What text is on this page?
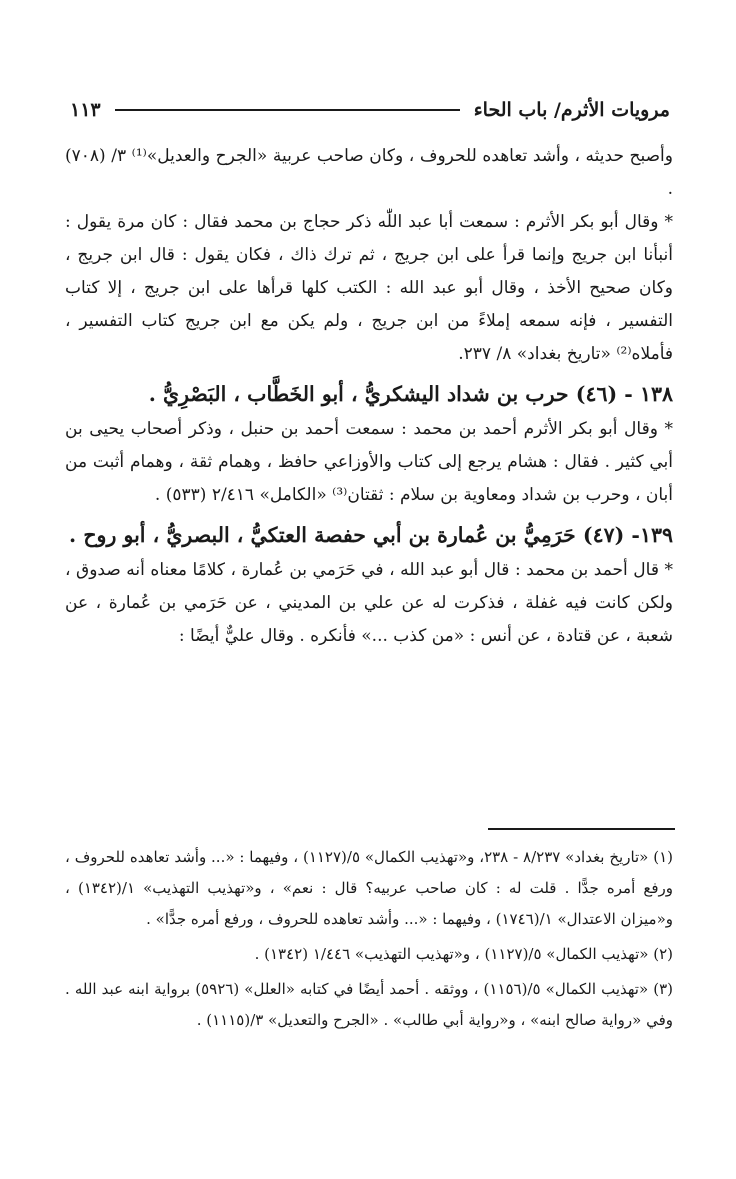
مرويات الأثرم/ باب الحاء
١١٣

وأصبح حديثه ، وأشد تعاهده للحروف ، وكان صاحب عربية «الجرح والعديل»⁽¹⁾ ٣/ (٧٠٨) .

* وقال أبو بكر الأثرم : سمعت أبا عبد اللّٰه ذكر حجاج بن محمد فقال : كان مرة يقول : أنبأنا ابن جريج وإنما قرأ على ابن جريج ، ثم ترك ذاك ، فكان يقول : قال ابن جريج ، وكان صحيح الأخذ ، وقال أبو عبد الله : الكتب كلها قرأها على ابن جريج ، إلا كتاب التفسير ، فإنه سمعه إملاءً من ابن جريج ، ولم يكن مع ابن جريج كتاب التفسير ، فأملاه⁽²⁾ «تاريخ بغداد» ٨/ ٢٣٧.

١٣٨ - (٤٦) حرب بن شداد اليشكريُّ ، أبو الخَطَّاب ، البَصْرِيُّ .

* وقال أبو بكر الأثرم أحمد بن محمد : سمعت أحمد بن حنبل ، وذكر أصحاب يحيى بن أبي كثير . فقال : هشام يرجع إلى كتاب والأوزاعي حافظ ، وهمام ثقة ، وهمام أثبت من أبان ، وحرب بن شداد ومعاوية بن سلام : ثقتان⁽³⁾ «الكامل» ٢/٤١٦ (٥٣٣) .

١٣٩- (٤٧) حَرَمِيُّ بن عُمارة بن أبي حفصة العتكيُّ ، البصريُّ ، أبو روح .

* قال أحمد بن محمد : قال أبو عبد الله ، في حَرَمي بن عُمارة ، كلامًا معناه أنه صدوق ، ولكن كانت فيه غفلة ، فذكرت له عن علي بن المديني ، عن حَرَمي بن عُمارة ، عن شعبة ، عن قتادة ، عن أنس : «من كذب ...» فأنكره . وقال عليٌّ أيضًا :

(١) «تاريخ بغداد» ٨/٢٣٧ - ٢٣٨، و«تهذيب الكمال» ٥/(١١٢٧) ، وفيهما : «... وأشد تعاهده للحروف ، ورفع أمره جدًّا . قلت له : كان صاحب عربيه؟ قال : نعم» ، و«تهذيب التهذيب» ١/(١٣٤٢) ، و«ميزان الاعتدال» ١/(١٧٤٦) ، وفيهما : «... وأشد تعاهده للحروف ، ورفع أمره جدًّا» .

(٢) «تهذيب الكمال» ٥/(١١٢٧) ، و«تهذيب التهذيب» ١/٤٤٦ (١٣٤٢) .

(٣) «تهذيب الكمال» ٥/(١١٥٦) ، ووثقه . أحمد أيضًا في كتابه «العلل» (٥٩٢٦) برواية ابنه عبد الله . وفي «رواية صالح ابنه» ، و«رواية أبي طالب» . «الجرح والتعديل» ٣/(١١١٥) .
